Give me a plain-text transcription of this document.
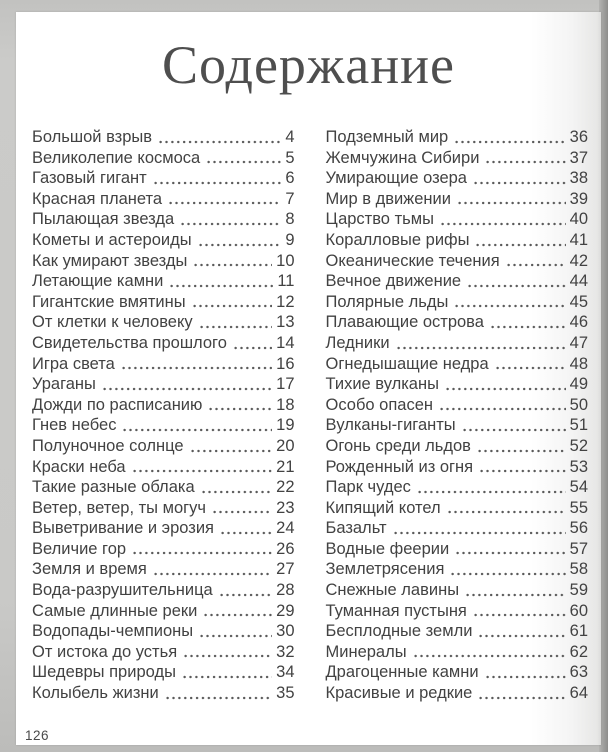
Содержание
Большой взрыв	4
Великолепие космоса	5
Газовый гигант	6
Красная планета	7
Пылающая звезда	8
Кометы и астероиды	9
Как умирают звезды	10
Летающие камни	11
Гигантские вмятины	12
От клетки к человеку	13
Свидетельства прошлого	14
Игра света	16
Ураганы	17
Дожди по расписанию	18
Гнев небес	19
Полуночное солнце	20
Краски неба	21
Такие разные облака	22
Ветер, ветер, ты могуч	23
Выветривание и эрозия	24
Величие гор	26
Земля и время	27
Вода-разрушительница	28
Самые длинные реки	29
Водопады-чемпионы	30
От истока до устья	32
Шедевры природы	34
Колыбель жизни	35
Подземный мир	36
Жемчужина Сибири	37
Умирающие озера	38
Мир в движении	39
Царство тьмы	40
Коралловые рифы	41
Океанические течения	42
Вечное движение	44
Полярные льды	45
Плавающие острова	46
Ледники	47
Огнедышащие недра	48
Тихие вулканы	49
Особо опасен	50
Вулканы-гиганты	51
Огонь среди льдов	52
Рожденный из огня	53
Парк чудес	54
Кипящий котел	55
Базальт	56
Водные феерии	57
Землетрясения	58
Снежные лавины	59
Туманная пустыня	60
Бесплодные земли	61
Минералы	62
Драгоценные камни	63
Красивые и редкие	64
126
